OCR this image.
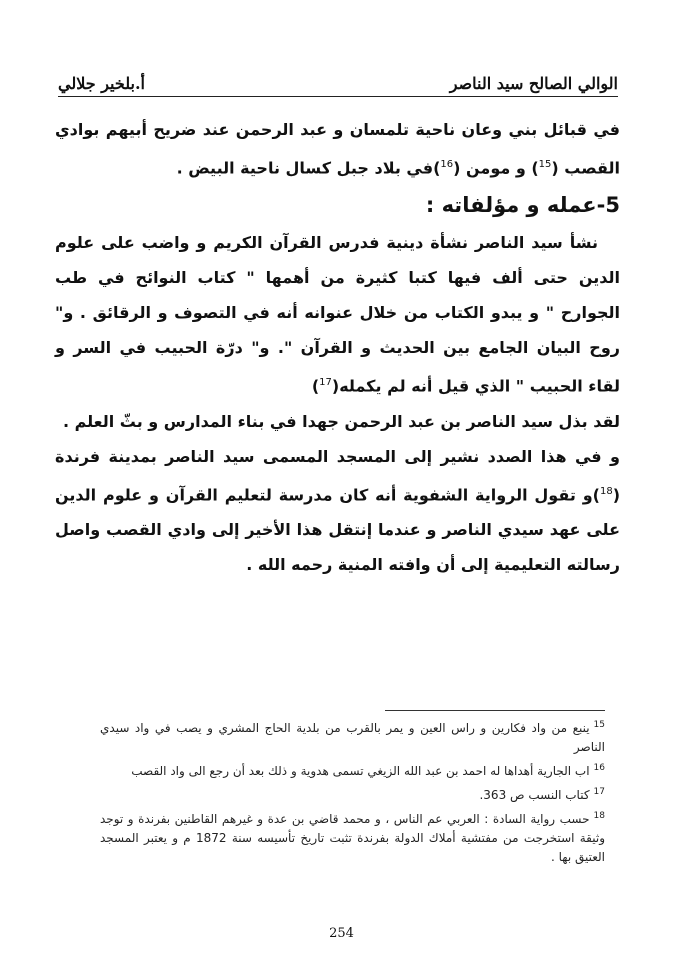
الوالي الصالح سيد الناصر
أ.بلخير جلالي

في قبائل بني وعان ناحية تلمسان و عبد الرحمن عند ضريح أبيهم بوادي القصب ($^{15}$) و مومن ($^{16}$)في بلاد جبل كسال ناحية البيض .

5-عمله و مؤلفاته :

نشأ سيد الناصر نشأة دينية فدرس القرآن الكريم و واضب على علوم الدين حتى ألف فيها كتبا كثيرة من أهمها " كتاب النوائح في طب الجوارح " و يبدو الكتاب من خلال عنوانه أنه في التصوف و الرقائق . و" روح البيان الجامع بين الحديث و القرآن ". و" درّة الحبيب في السر و لقاء الحبيب " الذي قيل أنه لم يكمله($^{17}$)

لقد بذل سيد الناصر بن عبد الرحمن جهدا في بناء المدارس و بثّ العلم .

و في هذا الصدد نشير إلى المسجد المسمى سيد الناصر بمدينة فرندة ($^{18}$)و تقول الرواية الشفوية أنه كان مدرسة لتعليم القرآن و علوم الدين على عهد سيدي الناصر و عندما إنتقل هذا الأخير إلى وادي القصب واصل رسالته التعليمية إلى أن وافته المنية رحمه الله .

$^{15}$ينبع من واد فكارين و راس العين و يمر بالقرب من بلدية الحاج المشري و يصب في واد سيدي الناصر

$^{16}$اب الجارية أهداها له احمد بن عبد الله الزيغي تسمى هدوية و ذلك بعد أن رجع الى واد القصب

$^{17}$كتاب النسب ص 363.

$^{18}$حسب رواية السادة : العربي عم الناس ، و محمد قاضي بن عدة و غيرهم القاطنين بفرندة و توجد وثيقة استخرجت من مفتشية أملاك الدولة بفرندة تثبت تاريخ تأسيسه سنة 1872 م و يعتبر المسجد العتيق بها .

254
